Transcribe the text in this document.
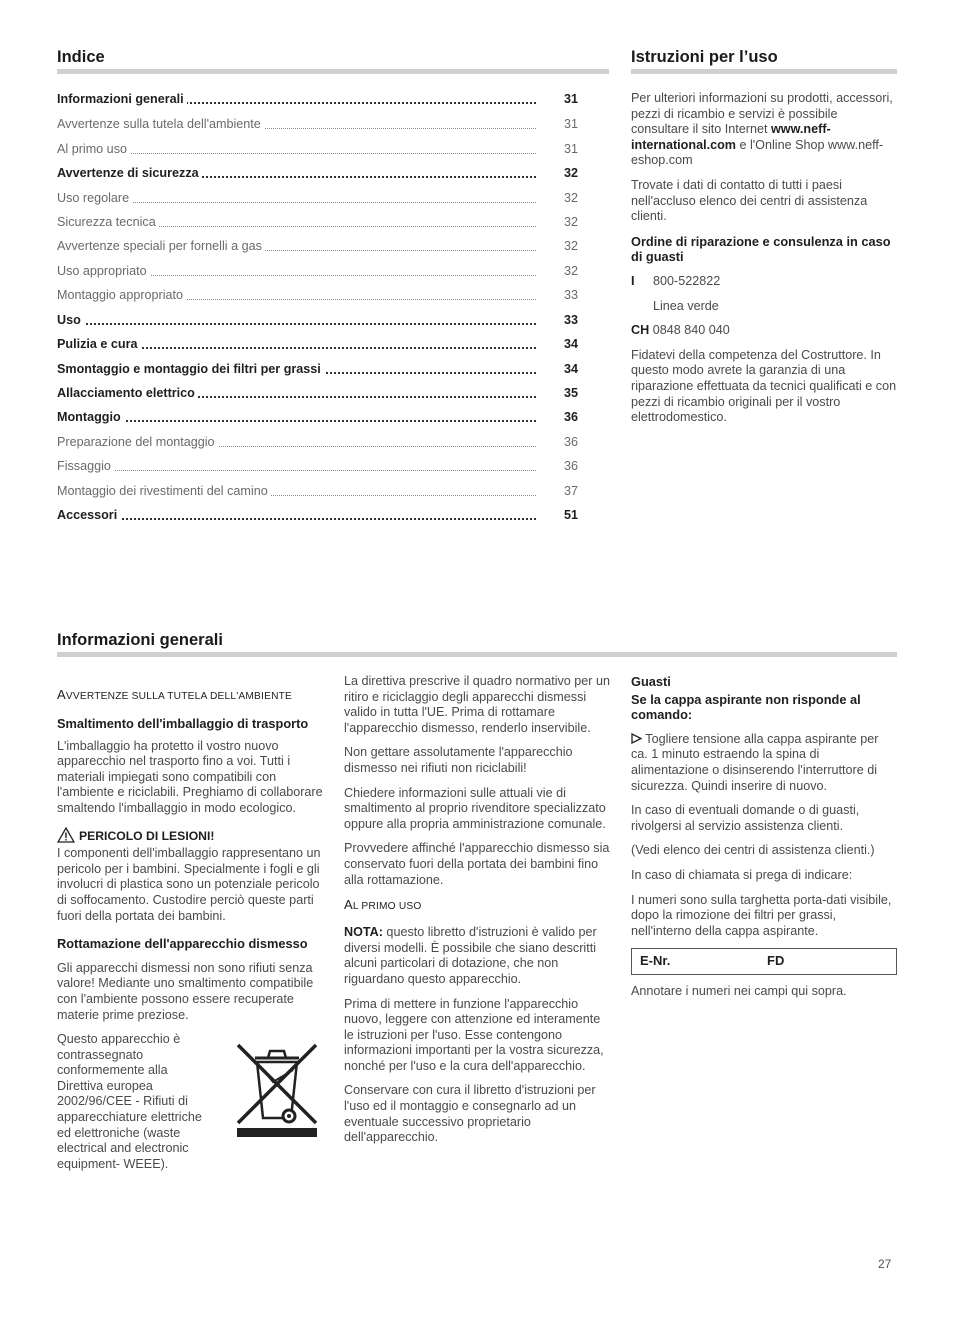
Indice
Informazioni generali	31
Avvertenze sulla tutela dell'ambiente	31
Al primo uso	31
Avvertenze di sicurezza	32
Uso regolare	32
Sicurezza tecnica	32
Avvertenze speciali per fornelli a gas	32
Uso appropriato	32
Montaggio appropriato	33
Uso	33
Pulizia e cura	34
Smontaggio e montaggio dei filtri per grassi	34
Allacciamento elettrico	35
Montaggio	36
Preparazione del montaggio	36
Fissaggio	36
Montaggio dei rivestimenti del camino	37
Accessori	51
Istruzioni per l’uso

Per ulteriori informazioni su prodotti, accessori, pezzi di ricambio e servizi è possibile consultare il sito Internet www.neff-international.com e l'Online Shop www.neff-eshop.com

Trovate i dati di contatto di tutti i paesi nell'accluso elenco dei centri di assistenza clienti.

Ordine di riparazione e consulenza in caso di guasti

I 800-522822

Linea verde

CH 0848 840 040

Fidatevi della competenza del Costruttore. In questo modo avrete la garanzia di una riparazione effettuata da tecnici qualificati e con pezzi di ricambio originali per il vostro elettrodomestico.

Informazioni generali

AVVERTENZE SULLA TUTELA DELL'AMBIENTE

Smaltimento dell'imballaggio di trasporto

L'imballaggio ha protetto il vostro nuovo apparecchio nel trasporto fino a voi. Tutti i materiali impiegati sono compatibili con l'ambiente e riciclabili. Preghiamo di collaborare smaltendo l'imballaggio in modo ecologico.

PERICOLO DI LESIONI!

I componenti dell'imballaggio rappresentano un pericolo per i bambini. Specialmente i fogli e gli involucri di plastica sono un potenziale pericolo di soffocamento. Custodire perciò queste parti fuori della portata dei bambini.

Rottamazione dell'apparecchio dismesso

Gli apparecchi dismessi non sono rifiuti senza valore! Mediante uno smaltimento compatibile con l'ambiente possono essere recuperate materie prime preziose.

Questo apparecchio è contrassegnato conformemente alla Direttiva europea 2002/96/CEE - Rifiuti di apparecchiature elettriche ed elettroniche (waste electrical and electronic equipment- WEEE).

La direttiva prescrive il quadro normativo per un ritiro e riciclaggio degli apparecchi dismessi valido in tutta l'UE. Prima di rottamare l'apparecchio dismesso, renderlo inservibile.

Non gettare assolutamente l'apparecchio dismesso nei rifiuti non riciclabili!

Chiedere informazioni sulle attuali vie di smaltimento al proprio rivenditore specializzato oppure alla propria amministrazione comunale.

Provvedere affinché l'apparecchio dismesso sia conservato fuori della portata dei bambini fino alla rottamazione.

AL PRIMO USO

NOTA: questo libretto d'istruzioni è valido per diversi modelli. È possibile che siano descritti alcuni particolari di dotazione, che non riguardano questo apparecchio.

Prima di mettere in funzione l'apparecchio nuovo, leggere con attenzione ed interamente le istruzioni per l'uso. Esse contengono informazioni importanti per la vostra sicurezza, nonché per l'uso e la cura dell'apparecchio.

Conservare con cura il libretto d'istruzioni per l'uso ed il montaggio e consegnarlo ad un eventuale successivo proprietario dell'apparecchio.

Guasti

Se la cappa aspirante non risponde al comando:

Togliere tensione alla cappa aspirante per ca. 1 minuto estraendo la spina di alimentazione o disinserendo l'interruttore di sicurezza. Quindi inserire di nuovo.

In caso di eventuali domande o di guasti, rivolgersi al servizio assistenza clienti.

(Vedi elenco dei centri di assistenza clienti.)

In caso di chiamata si prega di indicare:

I numeri sono sulla targhetta porta-dati visibile, dopo la rimozione dei filtri per grassi, nell'interno della cappa aspirante.

E-Nr.	FD

Annotare i numeri nei campi qui sopra.

27
